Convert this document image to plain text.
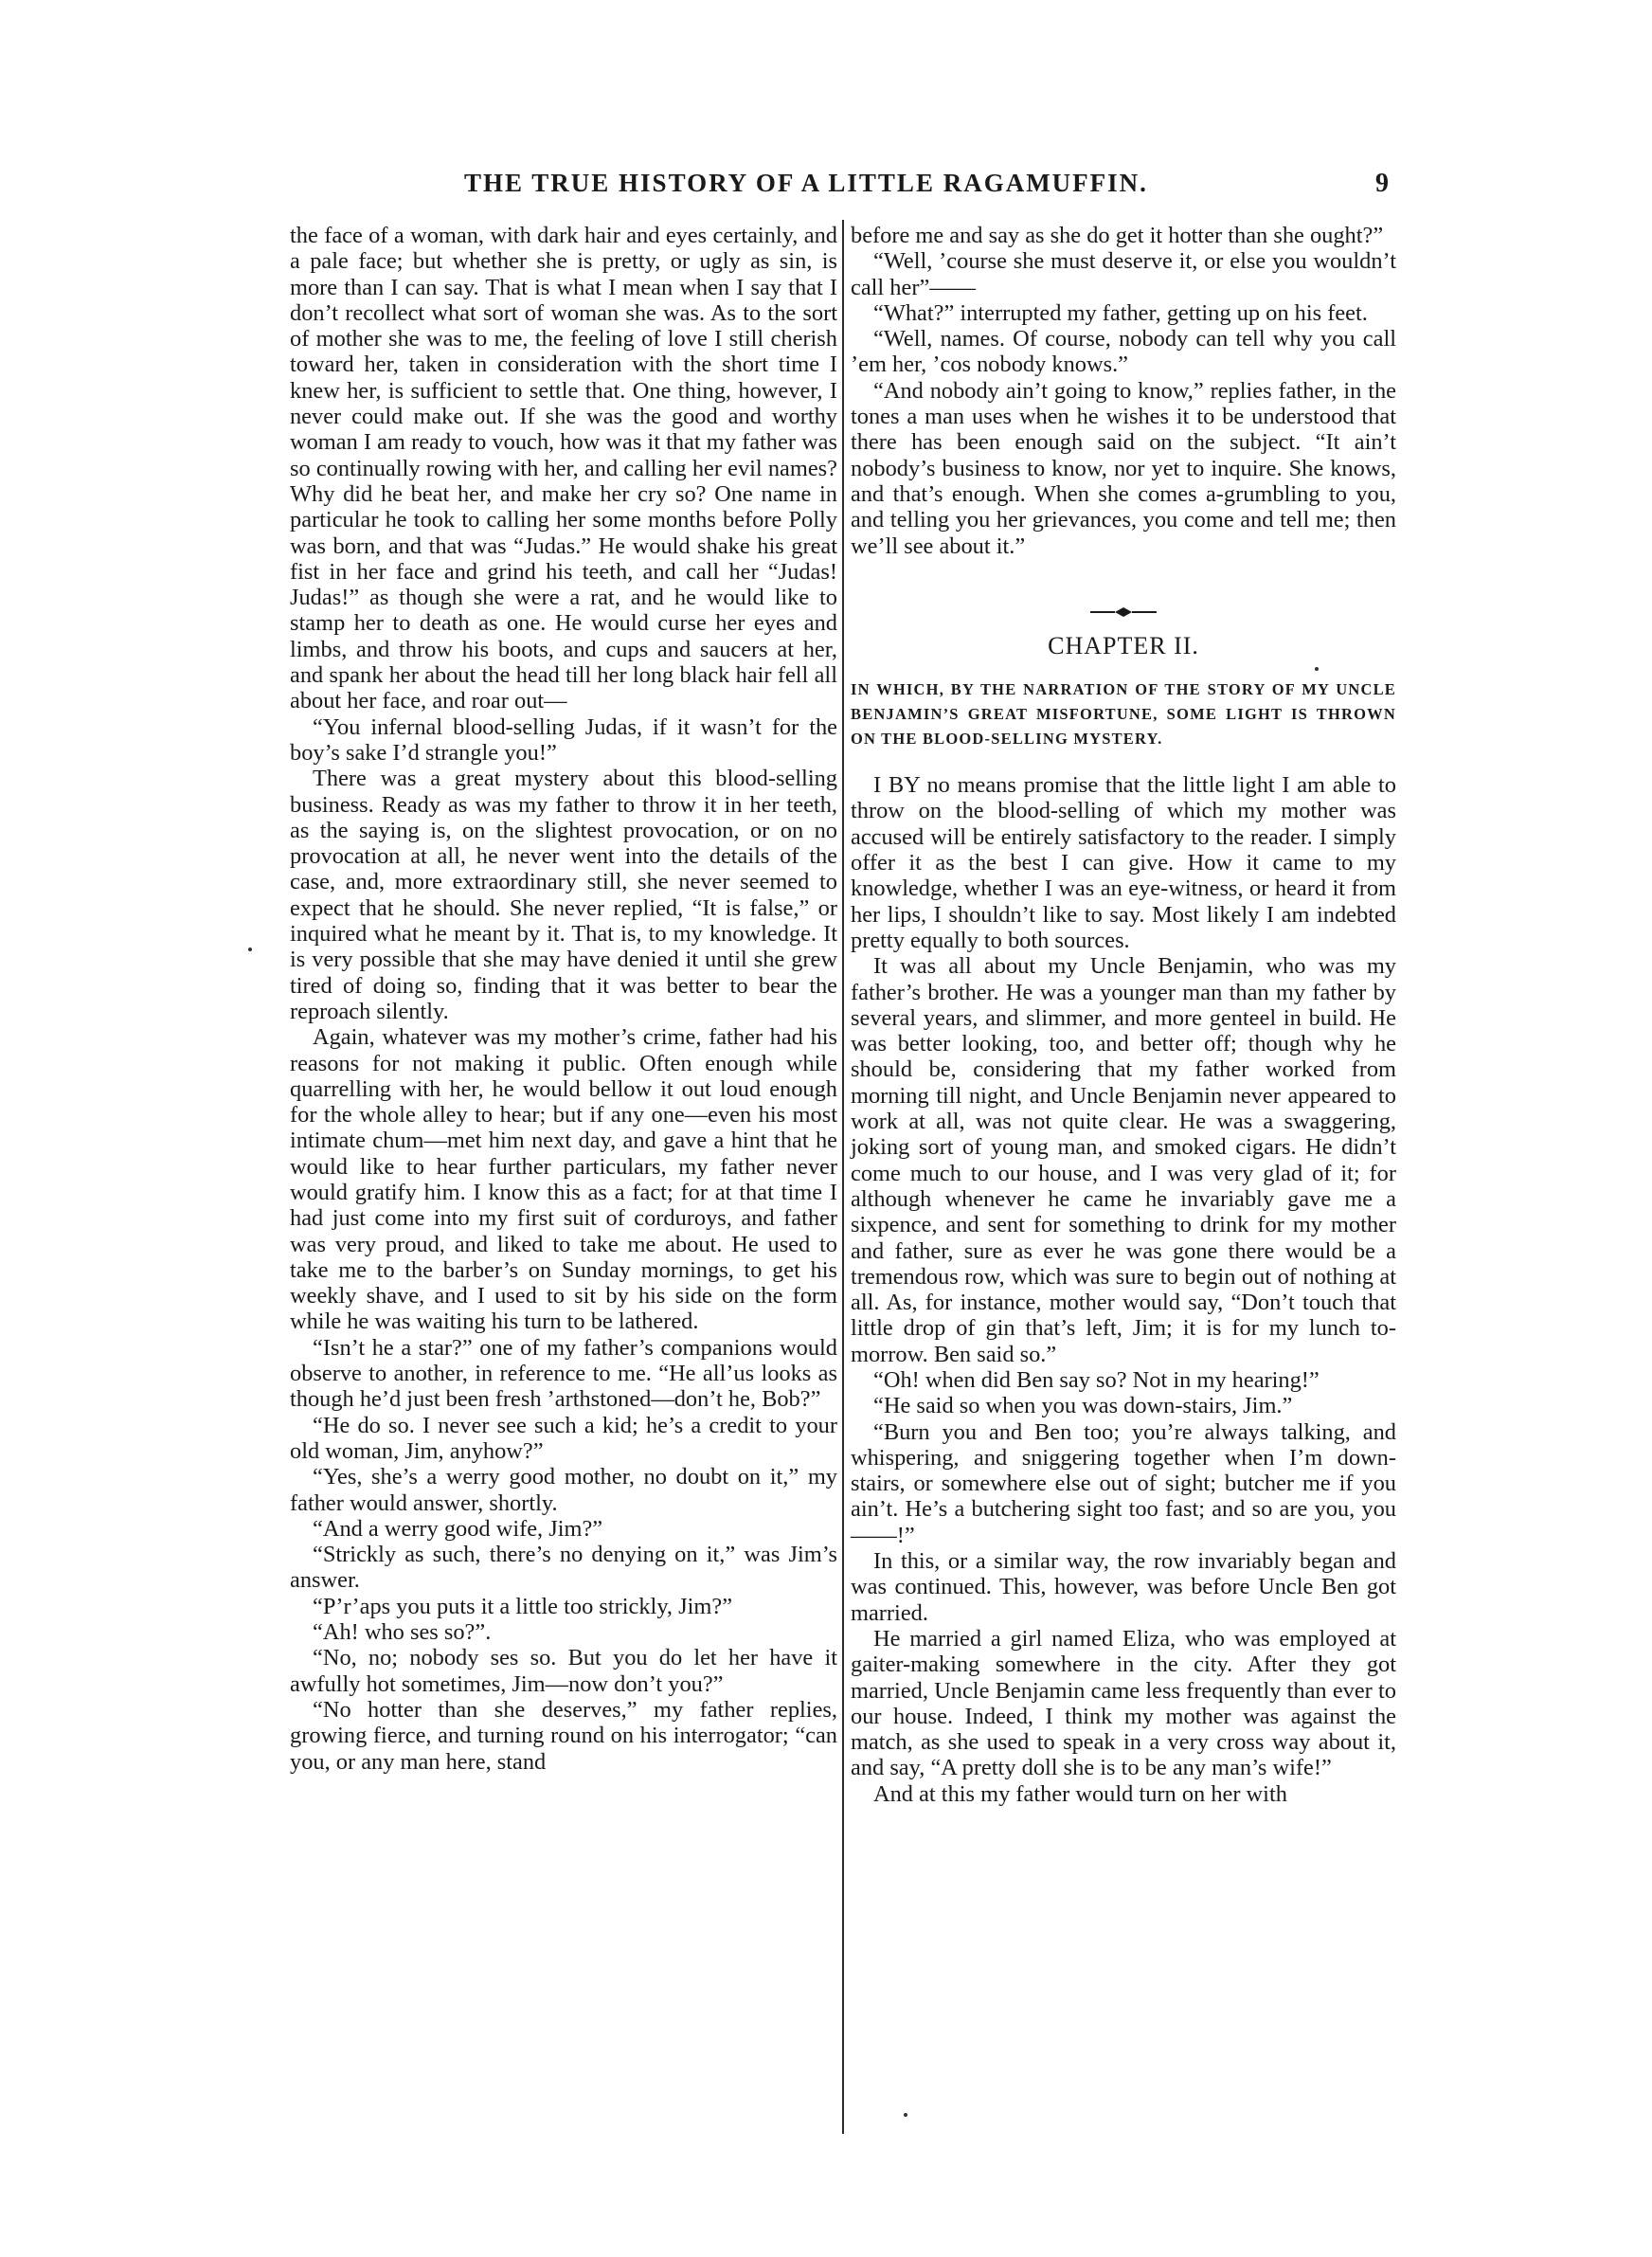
THE TRUE HISTORY OF A LITTLE RAGAMUFFIN.	9

the face of a woman, with dark hair and eyes certainly, and a pale face; but whether she is pretty, or ugly as sin, is more than I can say. That is what I mean when I say that I don’t recollect what sort of woman she was. As to the sort of mother she was to me, the feeling of love I still cherish toward her, taken in consideration with the short time I knew her, is sufficient to settle that. One thing, however, I never could make out. If she was the good and worthy woman I am ready to vouch, how was it that my father was so continually rowing with her, and calling her evil names? Why did he beat her, and make her cry so? One name in particular he took to calling her some months before Polly was born, and that was “Judas.” He would shake his great fist in her face and grind his teeth, and call her “Judas! Judas!” as though she were a rat, and he would like to stamp her to death as one. He would curse her eyes and limbs, and throw his boots, and cups and saucers at her, and spank her about the head till her long black hair fell all about her face, and roar out—

“You infernal blood-selling Judas, if it wasn’t for the boy’s sake I’d strangle you!”

There was a great mystery about this blood-selling business. Ready as was my father to throw it in her teeth, as the saying is, on the slightest provocation, or on no provocation at all, he never went into the details of the case, and, more extraordinary still, she never seemed to expect that he should. She never replied, “It is false,” or inquired what he meant by it. That is, to my knowledge. It is very possible that she may have denied it until she grew tired of doing so, finding that it was better to bear the reproach silently.

Again, whatever was my mother’s crime, father had his reasons for not making it public. Often enough while quarrelling with her, he would bellow it out loud enough for the whole alley to hear; but if any one—even his most intimate chum—met him next day, and gave a hint that he would like to hear further particulars, my father never would gratify him. I know this as a fact; for at that time I had just come into my first suit of corduroys, and father was very proud, and liked to take me about. He used to take me to the barber’s on Sunday mornings, to get his weekly shave, and I used to sit by his side on the form while he was waiting his turn to be lathered.

“Isn’t he a star?” one of my father’s companions would observe to another, in reference to me. “He all’us looks as though he’d just been fresh ’arthstoned—don’t he, Bob?”

“He do so. I never see such a kid; he’s a credit to your old woman, Jim, anyhow?”

“Yes, she’s a werry good mother, no doubt on it,” my father would answer, shortly.

“And a werry good wife, Jim?”

“Strickly as such, there’s no denying on it,” was Jim’s answer.

“P’r’aps you puts it a little too strickly, Jim?”

“Ah! who ses so?”.

“No, no; nobody ses so. But you do let her have it awfully hot sometimes, Jim—now don’t you?”

“No hotter than she deserves,” my father replies, growing fierce, and turning round on his interrogator; “can you, or any man here, stand

before me and say as she do get it hotter than she ought?”

“Well, ’course she must deserve it, or else you wouldn’t call her”——

“What?” interrupted my father, getting up on his feet.

“Well, names. Of course, nobody can tell why you call ’em her, ’cos nobody knows.”

“And nobody ain’t going to know,” replies father, in the tones a man uses when he wishes it to be understood that there has been enough said on the subject. “It ain’t nobody’s business to know, nor yet to inquire. She knows, and that’s enough. When she comes a-grumbling to you, and telling you her grievances, you come and tell me; then we’ll see about it.”

CHAPTER II.
IN WHICH, BY THE NARRATION OF THE STORY OF MY UNCLE BENJAMIN’S GREAT MISFORTUNE, SOME LIGHT IS THROWN ON THE BLOOD-SELLING MYSTERY.

I BY no means promise that the little light I am able to throw on the blood-selling of which my mother was accused will be entirely satisfactory to the reader. I simply offer it as the best I can give. How it came to my knowledge, whether I was an eye-witness, or heard it from her lips, I shouldn’t like to say. Most likely I am indebted pretty equally to both sources.

It was all about my Uncle Benjamin, who was my father’s brother. He was a younger man than my father by several years, and slimmer, and more genteel in build. He was better looking, too, and better off; though why he should be, considering that my father worked from morning till night, and Uncle Benjamin never appeared to work at all, was not quite clear. He was a swaggering, joking sort of young man, and smoked cigars. He didn’t come much to our house, and I was very glad of it; for although whenever he came he invariably gave me a sixpence, and sent for something to drink for my mother and father, sure as ever he was gone there would be a tremendous row, which was sure to begin out of nothing at all. As, for instance, mother would say, “Don’t touch that little drop of gin that’s left, Jim; it is for my lunch to-morrow. Ben said so.”

“Oh! when did Ben say so? Not in my hearing!”

“He said so when you was down-stairs, Jim.”

“Burn you and Ben too; you’re always talking, and whispering, and sniggering together when I’m down-stairs, or somewhere else out of sight; butcher me if you ain’t. He’s a butchering sight too fast; and so are you, you ——!”

In this, or a similar way, the row invariably began and was continued. This, however, was before Uncle Ben got married.

He married a girl named Eliza, who was employed at gaiter-making somewhere in the city. After they got married, Uncle Benjamin came less frequently than ever to our house. Indeed, I think my mother was against the match, as she used to speak in a very cross way about it, and say, “A pretty doll she is to be any man’s wife!”

And at this my father would turn on her with
